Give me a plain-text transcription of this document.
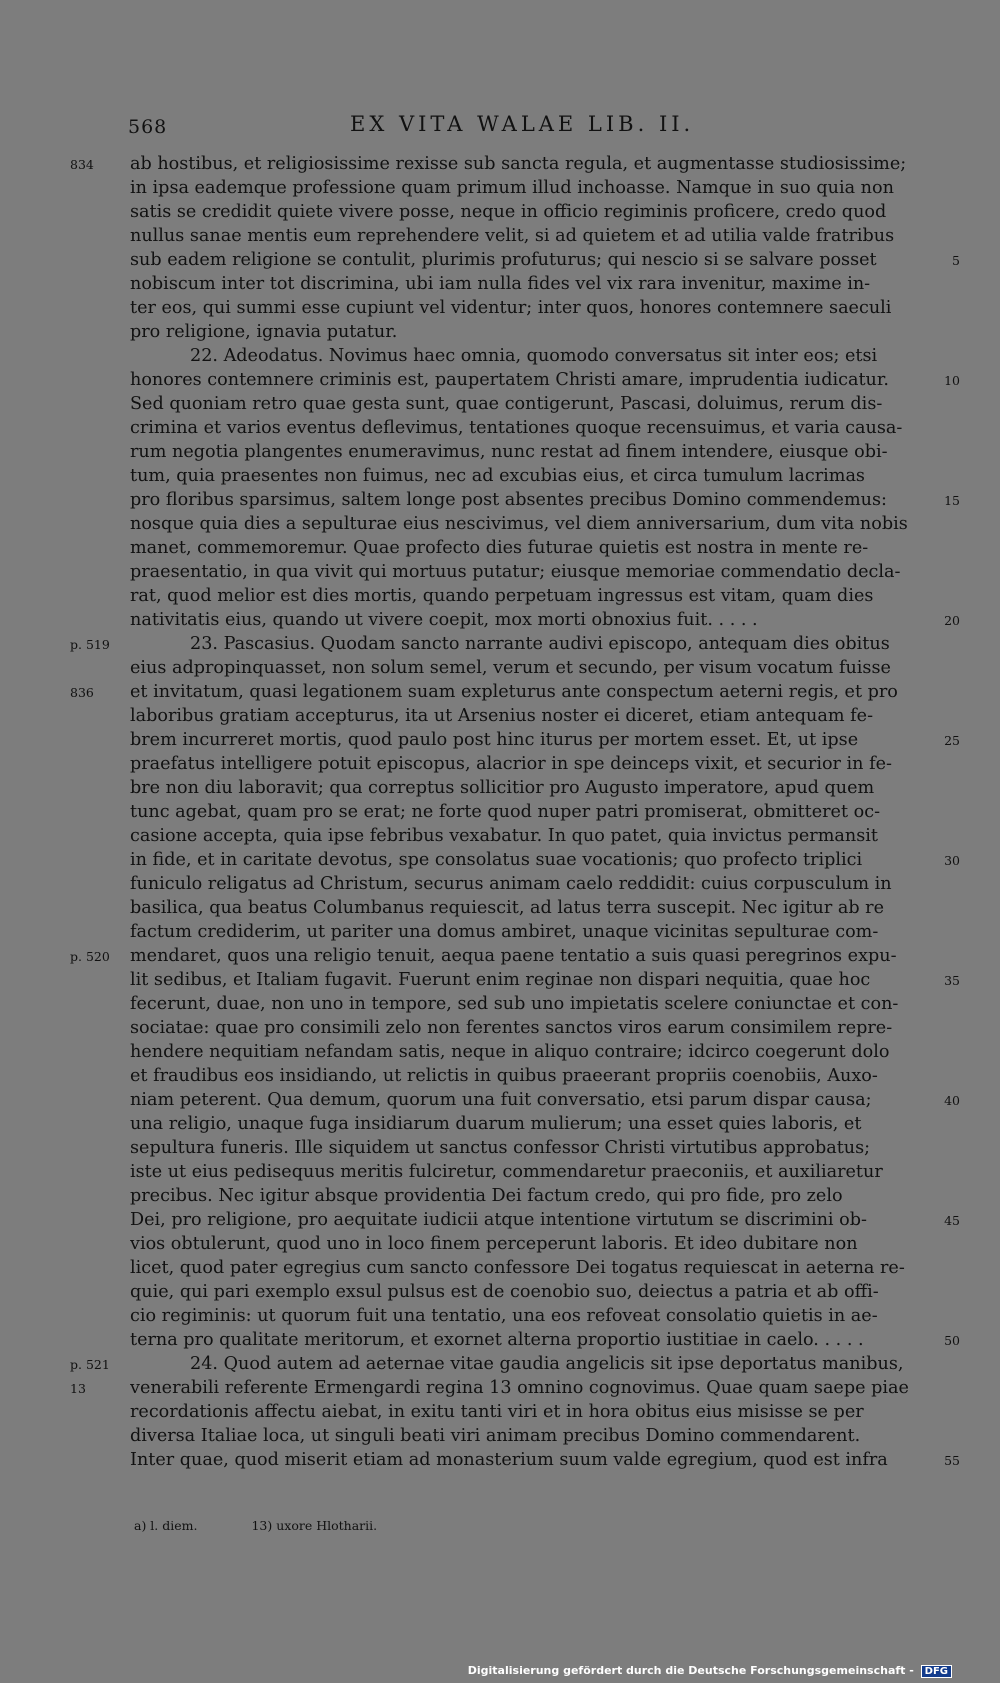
568	EX VITA WALAE LIB. II.
834	ab hostibus, et religiosissime rexisse sub sancta regula, et augmentasse studiosissime;
in ipsa eademque professione quam primum illud inchoasse. Namque in suo quia non
satis se credidit quiete vivere posse, neque in officio regiminis proficere, credo quod
nullus sanae mentis eum reprehendere velit, si ad quietem et ad utilia valde fratribus
sub eadem religione se contulit, plurimis profuturus; qui nescio si se salvare posset	5
nobiscum inter tot discrimina, ubi iam nulla fides vel vix rara invenitur, maxime in-
ter eos, qui summi esse cupiunt vel videntur; inter quos, honores contemnere saeculi
pro religione, ignavia putatur.
22. Adeodatus. Novimus haec omnia, quomodo conversatus sit inter eos; etsi
honores contemnere criminis est, paupertatem Christi amare, imprudentia iudicatur.	10
Sed quoniam retro quae gesta sunt, quae contigerunt, Pascasi, doluimus, rerum dis-
crimina et varios eventus deflevimus, tentationes quoque recensuimus, et varia causa-
rum negotia plangentes enumeravimus, nunc restat ad finem intendere, eiusque obi-
tum, quia praesentes non fuimus, nec ad excubias eius, et circa tumulum lacrimas
pro floribus sparsimus, saltem longe post absentes precibus Domino commendemus:	15
nosque quia dies a sepulturae eius nescivimus, vel diem anniversarium, dum vita nobis
manet, commemoremur. Quae profecto dies futurae quietis est nostra in mente re-
praesentatio, in qua vivit qui mortuus putatur; eiusque memoriae commendatio decla-
rat, quod melior est dies mortis, quando perpetuam ingressus est vitam, quam dies
nativitatis eius, quando ut vivere coepit, mox morti obnoxius fuit. . . . .	20
p. 519	23. Pascasius. Quodam sancto narrante audivi episcopo, antequam dies obitus
eius adpropinquasset, non solum semel, verum et secundo, per visum vocatum fuisse
836	et invitatum, quasi legationem suam expleturus ante conspectum aeterni regis, et pro
laboribus gratiam accepturus, ita ut Arsenius noster ei diceret, etiam antequam fe-
brem incurreret mortis, quod paulo post hinc iturus per mortem esset. Et, ut ipse	25
praefatus intelligere potuit episcopus, alacrior in spe deinceps vixit, et securior in fe-
bre non diu laboravit; qua correptus sollicitior pro Augusto imperatore, apud quem
tunc agebat, quam pro se erat; ne forte quod nuper patri promiserat, obmitteret oc-
casione accepta, quia ipse febribus vexabatur. In quo patet, quia invictus permansit
in fide, et in caritate devotus, spe consolatus suae vocationis; quo profecto triplici	30
funiculo religatus ad Christum, securus animam caelo reddidit: cuius corpusculum in
basilica, qua beatus Columbanus requiescit, ad latus terra suscepit. Nec igitur ab re
factum crediderim, ut pariter una domus ambiret, unaque vicinitas sepulturae com-
p. 520	mendaret, quos una religio tenuit, aequa paene tentatio a suis quasi peregrinos expu-
lit sedibus, et Italiam fugavit. Fuerunt enim reginae non dispari nequitia, quae hoc	35
fecerunt, duae, non uno in tempore, sed sub uno impietatis scelere coniunctae et con-
sociatae: quae pro consimili zelo non ferentes sanctos viros earum consimilem repre-
hendere nequitiam nefandam satis, neque in aliquo contraire; idcirco coegerunt dolo
et fraudibus eos insidiando, ut relictis in quibus praeerant propriis coenobiis, Auxo-
niam peterent. Qua demum, quorum una fuit conversatio, etsi parum dispar causa;	40
una religio, unaque fuga insidiarum duarum mulierum; una esset quies laboris, et
sepultura funeris. Ille siquidem ut sanctus confessor Christi virtutibus approbatus;
iste ut eius pedisequus meritis fulciretur, commendaretur praeconiis, et auxiliaretur
precibus. Nec igitur absque providentia Dei factum credo, qui pro fide, pro zelo
Dei, pro religione, pro aequitate iudicii atque intentione virtutum se discrimini ob-	45
vios obtulerunt, quod uno in loco finem perceperunt laboris. Et ideo dubitare non
licet, quod pater egregius cum sancto confessore Dei togatus requiescat in aeterna re-
quie, qui pari exemplo exsul pulsus est de coenobio suo, deiectus a patria et ab offi-
cio regiminis: ut quorum fuit una tentatio, una eos refoveat consolatio quietis in ae-
terna pro qualitate meritorum, et exornet alterna proportio iustitiae in caelo. . . . .	50
p. 521	24. Quod autem ad aeternae vitae gaudia angelicis sit ipse deportatus manibus,
13	venerabili referente Ermengardi regina 13 omnino cognovimus. Quae quam saepe piae
recordationis affectu aiebat, in exitu tanti viri et in hora obitus eius misisse se per
diversa Italiae loca, ut singuli beati viri animam precibus Domino commendarent.
Inter quae, quod miserit etiam ad monasterium suum valde egregium, quod est infra	55
a) l. diem.	13) uxore Hlotharii.
Digitalisierung gefördert durch die Deutsche Forschungsgemeinschaft - DFG
